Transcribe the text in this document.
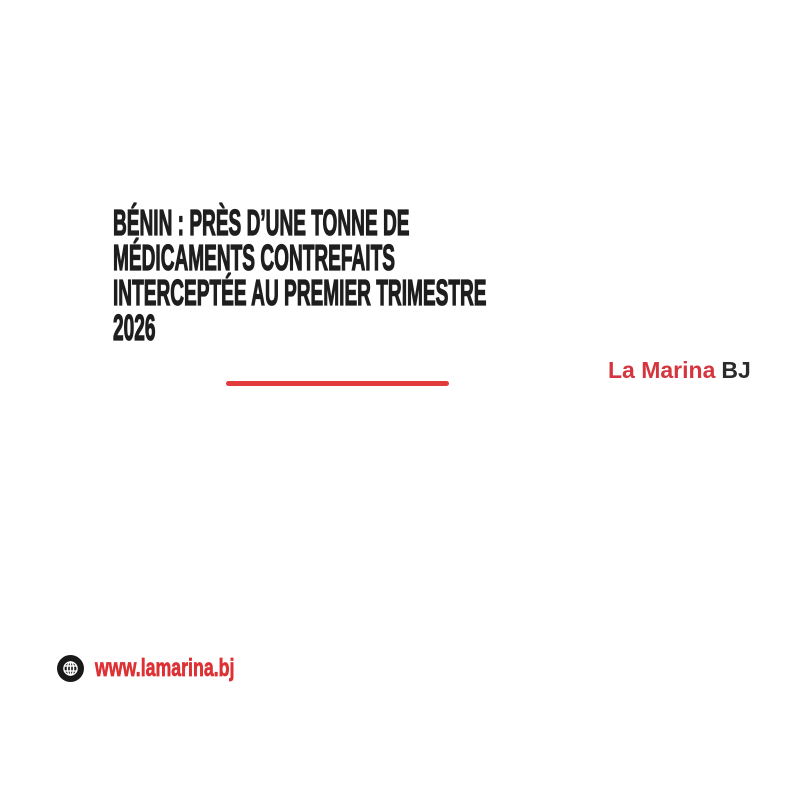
BÉNIN : PRÈS D’UNE TONNE DE
MÉDICAMENTS CONTREFAITS
INTERCEPTÉE AU PREMIER TRIMESTRE
2026
La Marina BJ
www.lamarina.bj
